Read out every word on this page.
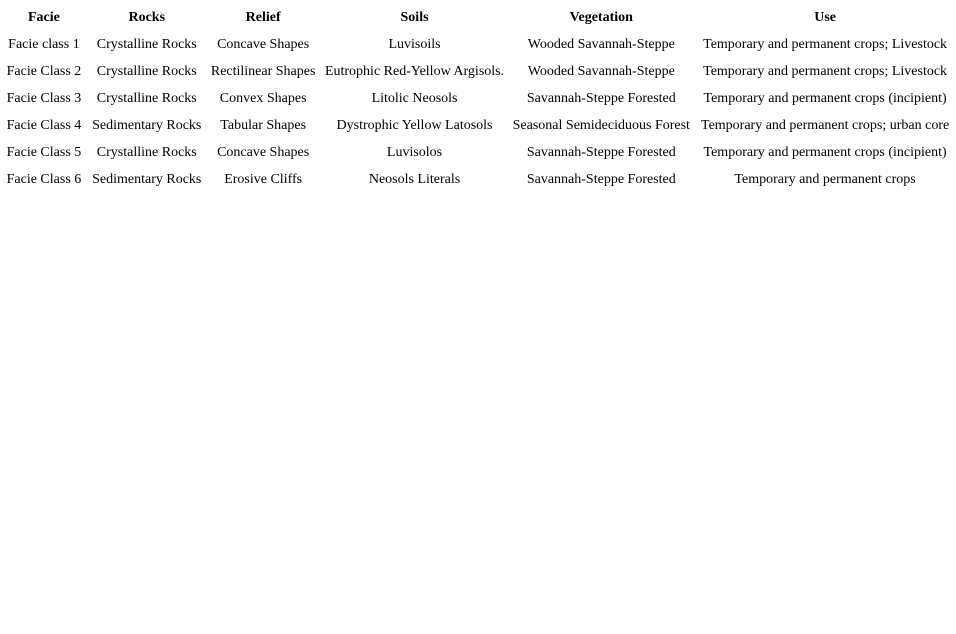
Facie	Rocks	Relief	Soils	Vegetation	Use
Facie class 1	Crystalline Rocks	Concave Shapes	Luvisoils	Wooded Savannah-Steppe	Temporary and permanent crops; Livestock
Facie Class 2	Crystalline Rocks	Rectilinear Shapes	Eutrophic Red-Yellow Argisols.	Wooded Savannah-Steppe	Temporary and permanent crops; Livestock
Facie Class 3	Crystalline Rocks	Convex Shapes	Litolic Neosols	Savannah-Steppe Forested	Temporary and permanent crops (incipient)
Facie Class 4	Sedimentary Rocks	Tabular Shapes	Dystrophic Yellow Latosols	Seasonal Semideciduous Forest	Temporary and permanent crops; urban core
Facie Class 5	Crystalline Rocks	Concave Shapes	Luvisolos	Savannah-Steppe Forested	Temporary and permanent crops (incipient)
Facie Class 6	Sedimentary Rocks	Erosive Cliffs	Neosols Literals	Savannah-Steppe Forested	Temporary and permanent crops
